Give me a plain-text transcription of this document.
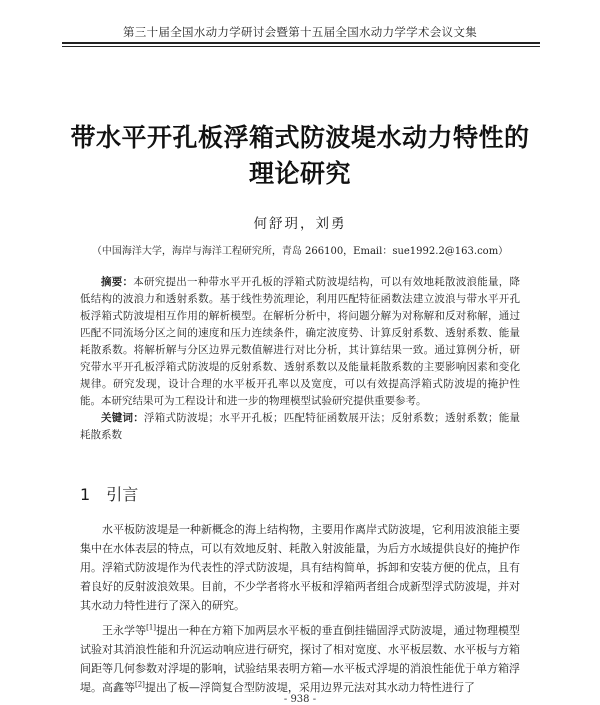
第三十届全国水动力学研讨会暨第十五届全国水动力学学术会议文集
带水平开孔板浮箱式防波堤水动力特性的
理论研究
何舒玥，刘勇
（中国海洋大学，海岸与海洋工程研究所，青岛 266100，Email：sue1992.2@163.com）

摘要：本研究提出一种带水平开孔板的浮箱式防波堤结构，可以有效地耗散波浪能量，降低结构的波浪力和透射系数。基于线性势流理论，利用匹配特征函数法建立波浪与带水平开孔板浮箱式防波堤相互作用的解析模型。在解析分析中，将问题分解为对称解和反对称解，通过匹配不同流场分区之间的速度和压力连续条件，确定波度势、计算反射系数、透射系数、能量耗散系数。将解析解与分区边界元数值解进行对比分析，其计算结果一致。通过算例分析，研究带水平开孔板浮箱式防波堤的反射系数、透射系数以及能量耗散系数的主要影响因素和变化规律。研究发现，设计合理的水平板开孔率以及宽度，可以有效提高浮箱式防波堤的掩护性能。本研究结果可为工程设计和进一步的物理模型试验研究提供重要参考。

关键词：浮箱式防波堤；水平开孔板；匹配特征函数展开法；反射系数；透射系数；能量耗散系数

1 引言

水平板防波堤是一种新概念的海上结构物，主要用作离岸式防波堤，它利用波浪能主要集中在水体表层的特点，可以有效地反射、耗散入射波能量，为后方水域提供良好的掩护作用。浮箱式防波堤作为代表性的浮式防波堤，具有结构简单，拆卸和安装方便的优点，且有着良好的反射波浪效果。目前，不少学者将水平板和浮箱两者组合成新型浮式防波堤，并对其水动力特性进行了深入的研究。

王永学等[1]提出一种在方箱下加两层水平板的垂直倒挂锚固浮式防波堤，通过物理模型试验对其消浪性能和升沉运动响应进行研究，探讨了相对宽度、水平板层数、水平板与方箱间距等几何参数对浮堤的影响，试验结果表明方箱—水平板式浮堤的消浪性能优于单方箱浮堤。高鑫等[2]提出了板—浮筒复合型防波堤，采用边界元法对其水动力特性进行了

- 938 -
